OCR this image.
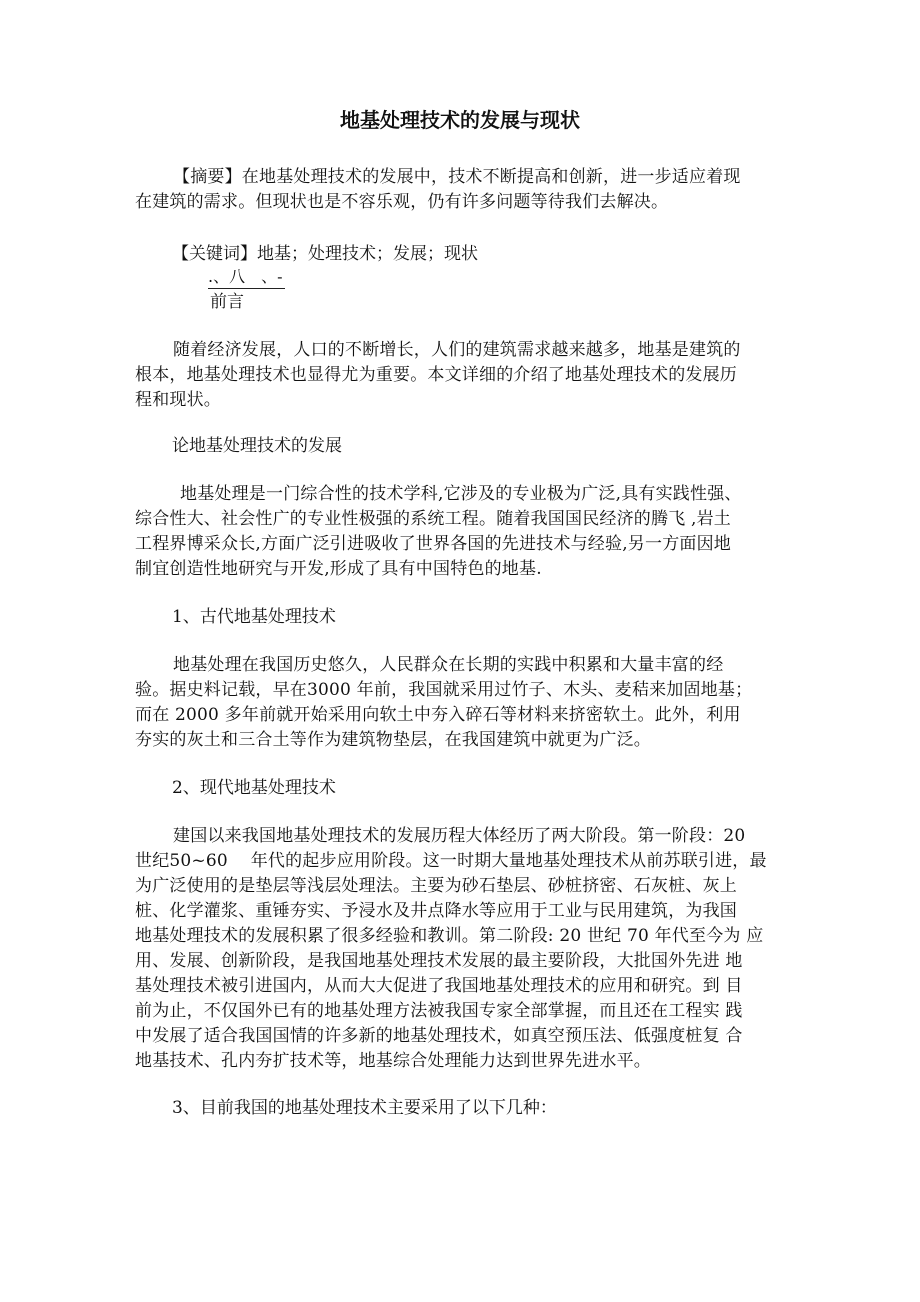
地基处理技术的发展与现状
【摘要】在地基处理技术的发展中，技术不断提高和创新，进一步适应着现
在建筑的需求。但现状也是不容乐观，仍有许多问题等待我们去解决。
【关键词】地基；处理技术；发展；现状
.、八　、-
前言
随着经济发展，人口的不断增长，人们的建筑需求越来越多，地基是建筑的
根本，地基处理技术也显得尤为重要。本文详细的介绍了地基处理技术的发展历
程和现状。
论地基处理技术的发展
地基处理是一门综合性的技术学科,它涉及的专业极为广泛,具有实践性强、
综合性大、社会性广的专业性极强的系统工程。随着我国国民经济的腾飞 ,岩土
工程界博采众长,方面广泛引进吸收了世界各国的先进技术与经验,另一方面因地
制宜创造性地研究与开发,形成了具有中国特色的地基.
1、古代地基处理技术
地基处理在我国历史悠久，人民群众在长期的实践中积累和大量丰富的经
验。据史料记载，早在3000 年前，我国就采用过竹子、木头、麦秸来加固地基；
而在 2000 多年前就开始采用向软土中夯入碎石等材料来挤密软土。此外，利用
夯实的灰土和三合土等作为建筑物垫层，在我国建筑中就更为广泛。
2、现代地基处理技术
建国以来我国地基处理技术的发展历程大体经历了两大阶段。第一阶段：20
世纪50~60　 年代的起步应用阶段。这一时期大量地基处理技术从前苏联引进，最
为广泛使用的是垫层等浅层处理法。主要为砂石垫层、砂桩挤密、石灰桩、灰上
桩、化学灌浆、重锤夯实、予浸水及井点降水等应用于工业与民用建筑，为我国
地基处理技术的发展积累了很多经验和教训。第二阶段: 20 世纪 70 年代至今为 应
用、发展、创新阶段，是我国地基处理技术发展的最主要阶段，大批国外先进 地
基处理技术被引进国内，从而大大促进了我国地基处理技术的应用和研究。到 目
前为止，不仅国外已有的地基处理方法被我国专家全部掌握，而且还在工程实 践
中发展了适合我国国情的许多新的地基处理技术，如真空预压法、低强度桩复 合
地基技术、孔内夯扩技术等，地基综合处理能力达到世界先进水平。
3、目前我国的地基处理技术主要采用了以下几种：
